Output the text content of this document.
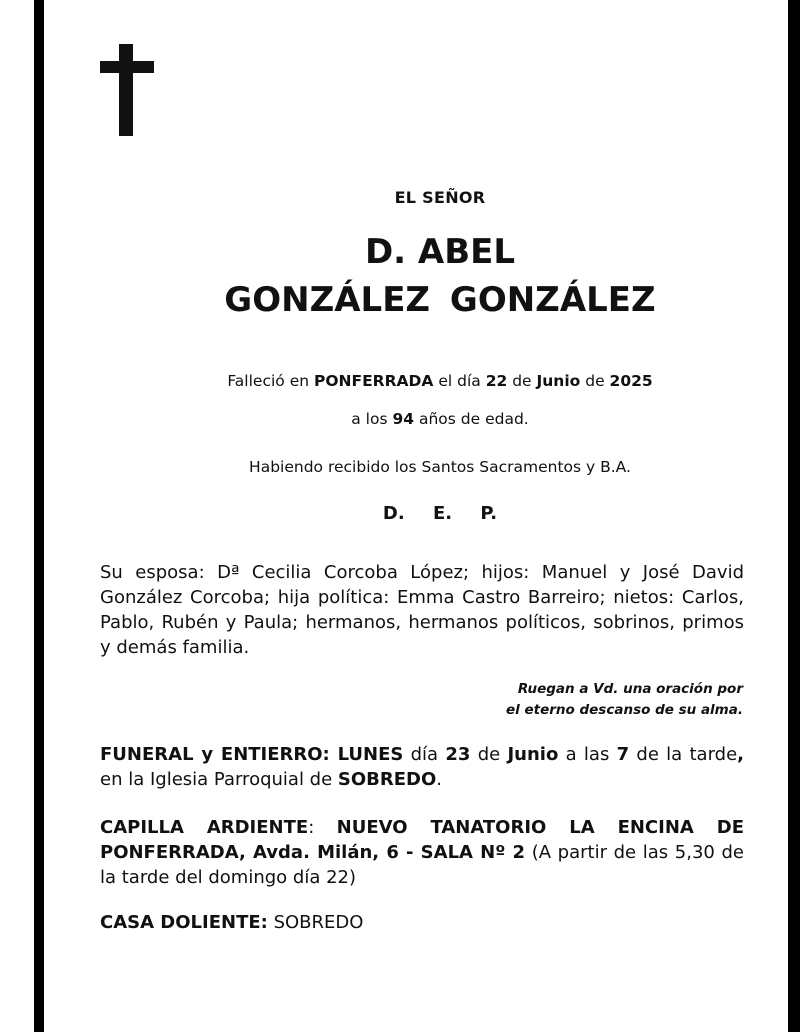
EL SEÑOR
D. ABEL
GONZÁLEZ GONZÁLEZ
Falleció en PONFERRADA el día 22 de Junio de 2025
a los 94 años de edad.
Habiendo recibido los Santos Sacramentos y B.A.
D. E. P.
Su esposa: Dª Cecilia Corcoba López; hijos: Manuel y José David González Corcoba; hija política: Emma Castro Barreiro; nietos: Carlos, Pablo, Rubén y Paula; hermanos, hermanos políticos, sobrinos, primos y demás familia.
Ruegan a Vd. una oración por
el eterno descanso de su alma.
FUNERAL y ENTIERRO: LUNES día 23 de Junio a las 7 de la tarde, en la Iglesia Parroquial de SOBREDO.
CAPILLA ARDIENTE: NUEVO TANATORIO LA ENCINA DE PONFERRADA, Avda. Milán, 6 - SALA Nº 2 (A partir de las 5,30 de la tarde del domingo día 22)
CASA DOLIENTE: SOBREDO
